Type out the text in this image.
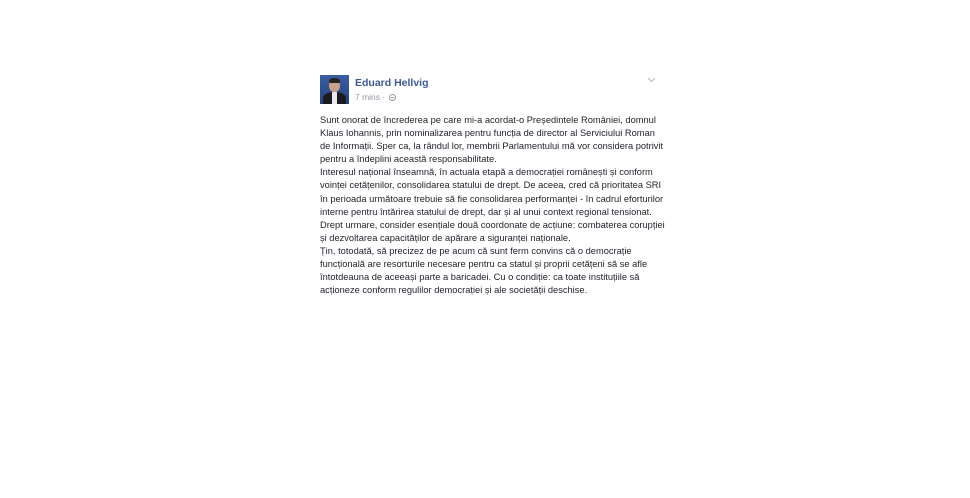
Eduard Hellvig
7 mins ·

Sunt onorat de încrederea pe care mi-a acordat-o Președintele României, domnul Klaus Iohannis, prin nominalizarea pentru funcția de director al Serviciului Roman de Informații. Sper ca, la rândul lor, membrii Parlamentului mă vor considera potrivit pentru a îndeplini această responsabilitate.

Interesul național înseamnă, în actuala etapă a democrației românești și conform voinței cetățenilor, consolidarea statului de drept. De aceea, cred că prioritatea SRI în perioada următoare trebuie să fie consolidarea performanței - în cadrul eforturilor interne pentru întărirea statului de drept, dar și al unui context regional tensionat. Drept urmare, consider esențiale două coordonate de acțiune: combaterea corupției și dezvoltarea capacităților de apărare a siguranței naționale.

Țin, totodată, să precizez de pe acum că sunt ferm convins că o democrație funcțională are resorturile necesare pentru ca statul și proprii cetățeni să se afle întotdeauna de aceeași parte a baricadei. Cu o condiție: ca toate instituțiile să acționeze conform regulilor democrației și ale societății deschise.
